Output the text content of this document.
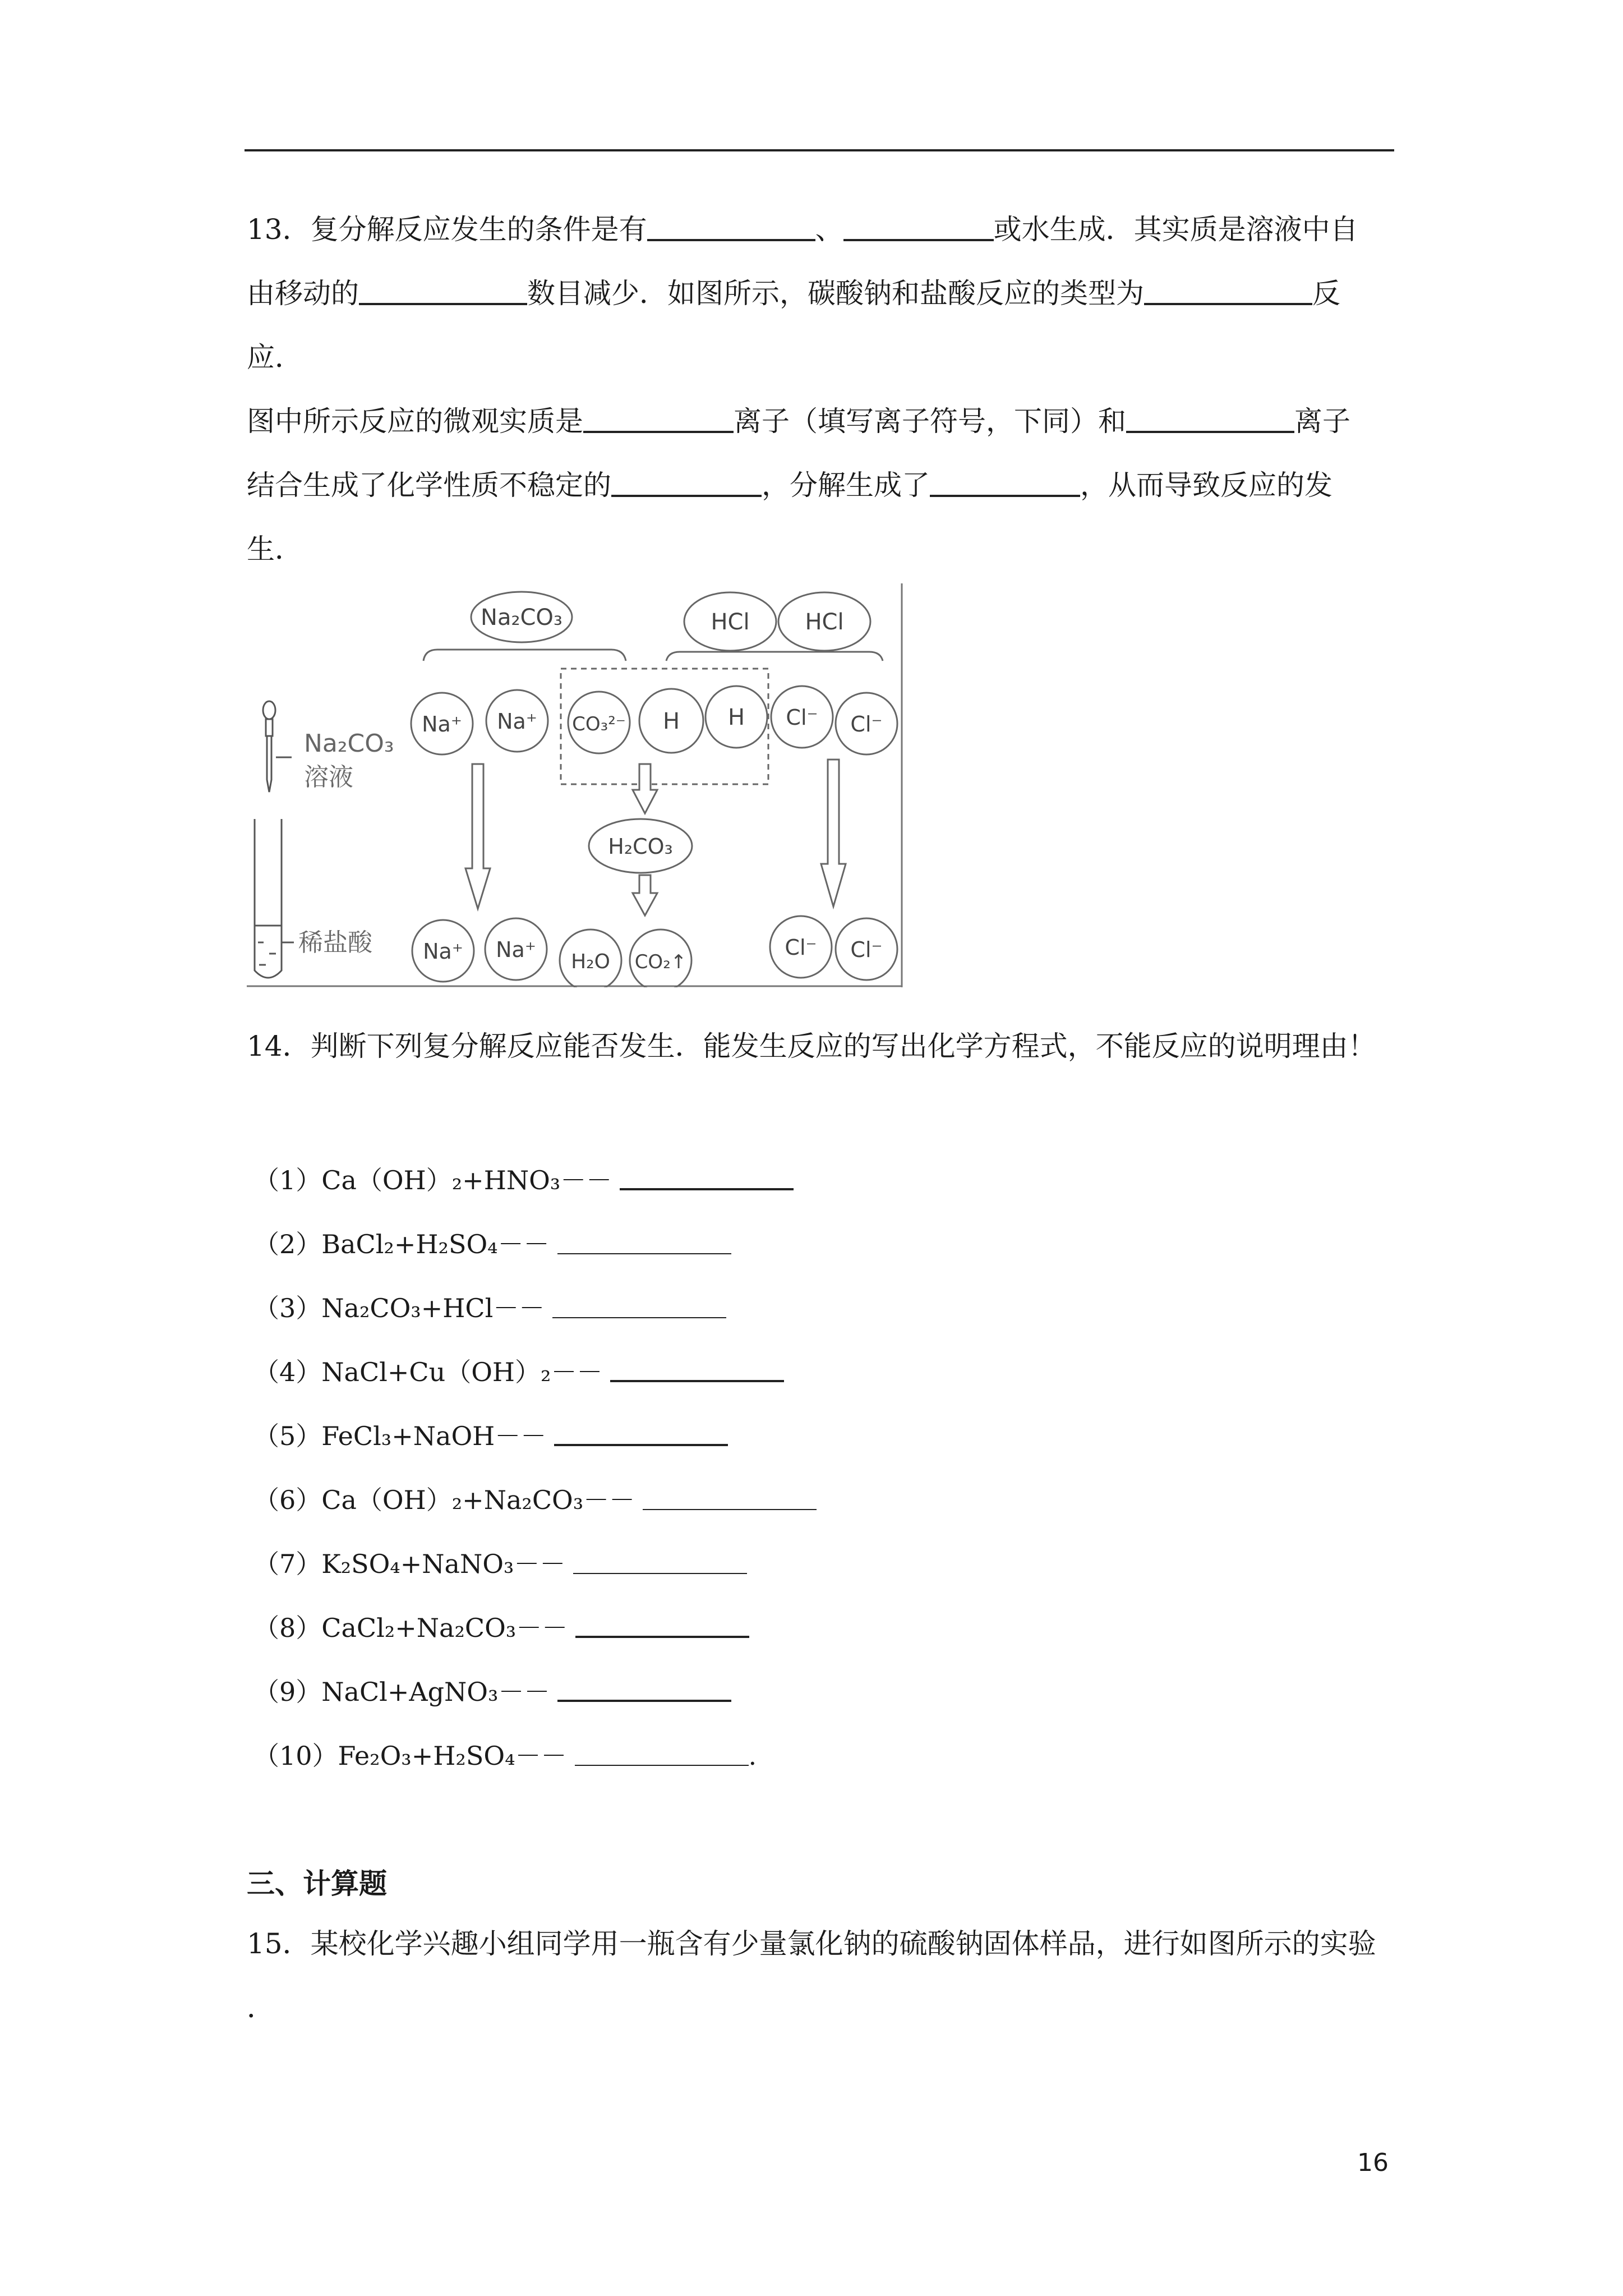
13．复分解反应发生的条件是有	、	或水生成．其实质是溶液中自
由移动的	数目减少．如图所示，碳酸钠和盐酸反应的类型为	反应．
图中所示反应的微观实质是	离子（填写离子符号，下同）和	离子
结合生成了化学性质不稳定的	，分解生成了	，从而导致反应的发
生．
Na₂CO₃
溶液
稀盐酸
Na₂CO₃	HCl HCl
Na⁺ Na⁺ CO₃²⁻ H H Cl⁻ Cl⁻
H₂CO₃
Na⁺ Na⁺ H₂O CO₂↑
Cl⁻ Cl⁻
14．判断下列复分解反应能否发生．能发生反应的写出化学方程式，不能反应的说明理由！
（1）Ca（OH）₂+HNO₃－－
（2）BaCl₂+H₂SO₄－－
（3）Na₂CO₃+HCl－－
（4）NaCl+Cu（OH）₂－－
（5）FeCl₃+NaOH－－
（6）Ca（OH）₂+Na₂CO₃－－
（7）K₂SO₄+NaNO₃－－
（8）CaCl₂+Na₂CO₃－－
（9）NaCl+AgNO₃－－
（10）Fe₂O₃+H₂SO₄－－	.
三、计算题
15．某校化学兴趣小组同学用一瓶含有少量氯化钠的硫酸钠固体样品，进行如图所示的实验
．
16
